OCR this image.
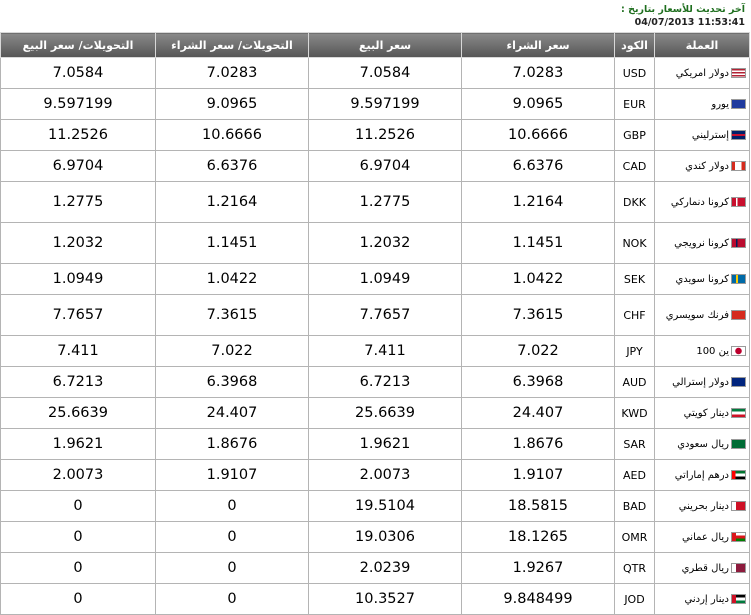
آخر تحديث للأسعار بتاريخ :
11:53:41 04/07/2013
العملة	الكود	سعر الشراء	سعر البيع	التحويلات/ سعر الشراء	التحويلات/ سعر البيع

دولار امريكي	USD	7.0283	7.0584	7.0283	7.0584

يورو	EUR	9.0965	9.597199	9.0965	9.597199

إسترليني	GBP	10.6666	11.2526	10.6666	11.2526

دولار كندي	CAD	6.6376	6.9704	6.6376	6.9704

كرونا دنماركي	DKK	1.2164	1.2775	1.2164	1.2775

كرونا نرويجي	NOK	1.1451	1.2032	1.1451	1.2032

كرونا سويدي	SEK	1.0422	1.0949	1.0422	1.0949

فرنك سويسري	CHF	7.3615	7.7657	7.3615	7.7657

ين 100	JPY	7.022	7.411	7.022	7.411

دولار إسترالي	AUD	6.3968	6.7213	6.3968	6.7213

دينار كويتي	KWD	24.407	25.6639	24.407	25.6639

ريال سعودي	SAR	1.8676	1.9621	1.8676	1.9621

درهم إماراتي	AED	1.9107	2.0073	1.9107	2.0073

دينار بحريني	BAD	18.5815	19.5104	0	0

ريال عماني	OMR	18.1265	19.0306	0	0

ريال قطري	QTR	1.9267	2.0239	0	0

دينار إردني	JOD	9.848499	10.3527	0	0
